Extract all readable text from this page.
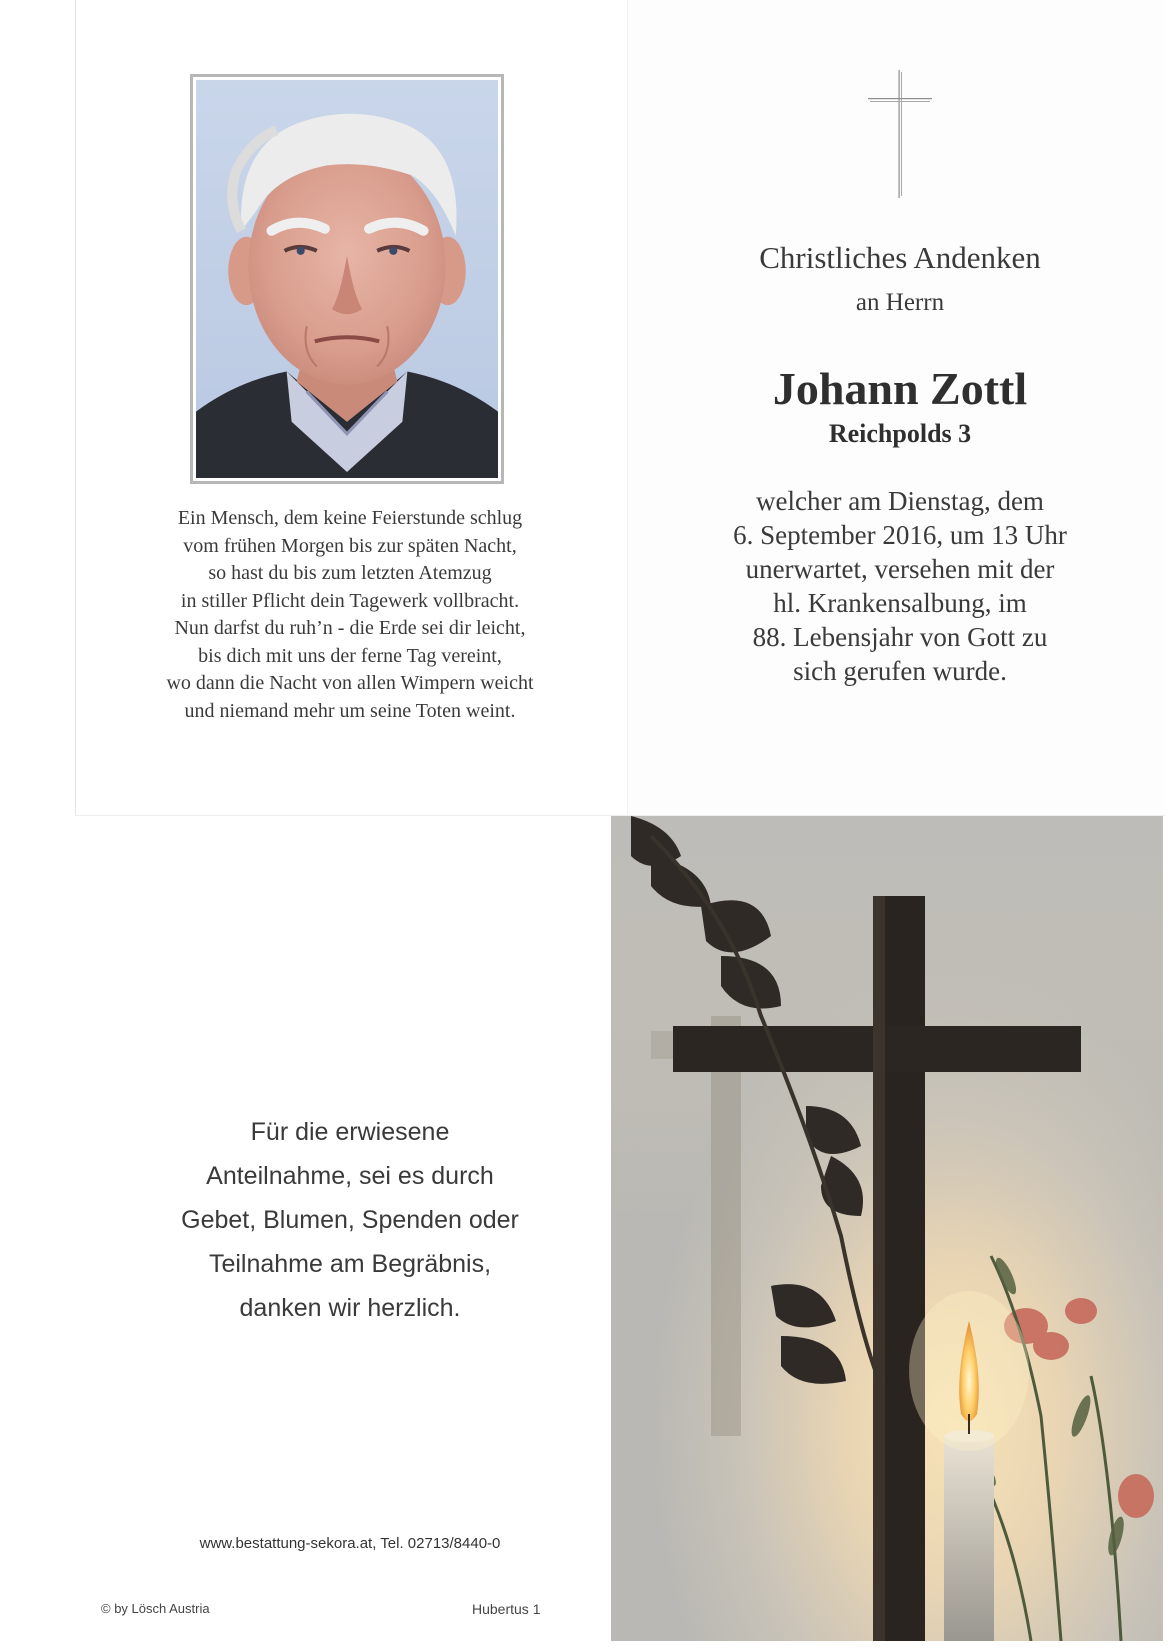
Ein Mensch, dem keine Feierstunde schlug
vom frühen Morgen bis zur späten Nacht,
so hast du bis zum letzten Atemzug
in stiller Pflicht dein Tagewerk vollbracht.
Nun darfst du ruh’n - die Erde sei dir leicht,
bis dich mit uns der ferne Tag vereint,
wo dann die Nacht von allen Wimpern weicht
und niemand mehr um seine Toten weint.
Christliches Andenken
an Herrn
Johann Zottl
Reichpolds 3
welcher am Dienstag, dem
6. September 2016, um 13 Uhr
unerwartet, versehen mit der
hl. Krankensalbung, im
88. Lebensjahr von Gott zu
sich gerufen wurde.
Für die erwiesene
Anteilnahme, sei es durch
Gebet, Blumen, Spenden oder
Teilnahme am Begräbnis,
danken wir herzlich.
www.bestattung-sekora.at, Tel. 02713/8440-0
© by Lösch Austria	Hubertus 1
